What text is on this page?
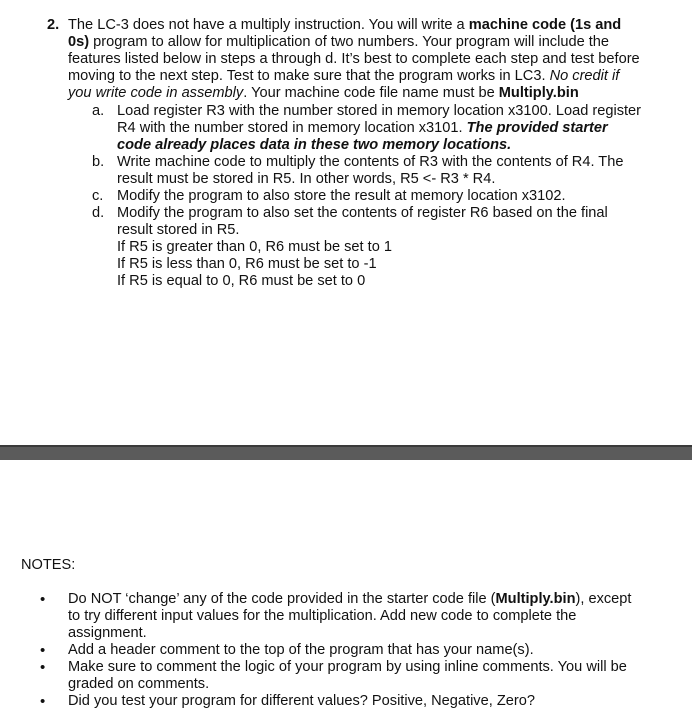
2. The LC-3 does not have a multiply instruction. You will write a machine code (1s and
0s) program to allow for multiplication of two numbers. Your program will include the
features listed below in steps a through d. It’s best to complete each step and test before
moving to the next step. Test to make sure that the program works in LC3. No credit if
you write code in assembly. Your machine code file name must be Multiply.bin
a. Load register R3 with the number stored in memory location x3100. Load register
R4 with the number stored in memory location x3101. The provided starter
code already places data in these two memory locations.
b. Write machine code to multiply the contents of R3 with the contents of R4. The
result must be stored in R5. In other words, R5 <- R3 * R4.
c. Modify the program to also store the result at memory location x3102.
d. Modify the program to also set the contents of register R6 based on the final
result stored in R5.
If R5 is greater than 0, R6 must be set to 1
If R5 is less than 0, R6 must be set to -1
If R5 is equal to 0, R6 must be set to 0
NOTES:
•	Do NOT ‘change’ any of the code provided in the starter code file (Multiply.bin), except
to try different input values for the multiplication. Add new code to complete the
assignment.
•	Add a header comment to the top of the program that has your name(s).
•	Make sure to comment the logic of your program by using inline comments. You will be
graded on comments.
•	Did you test your program for different values? Positive, Negative, Zero?
